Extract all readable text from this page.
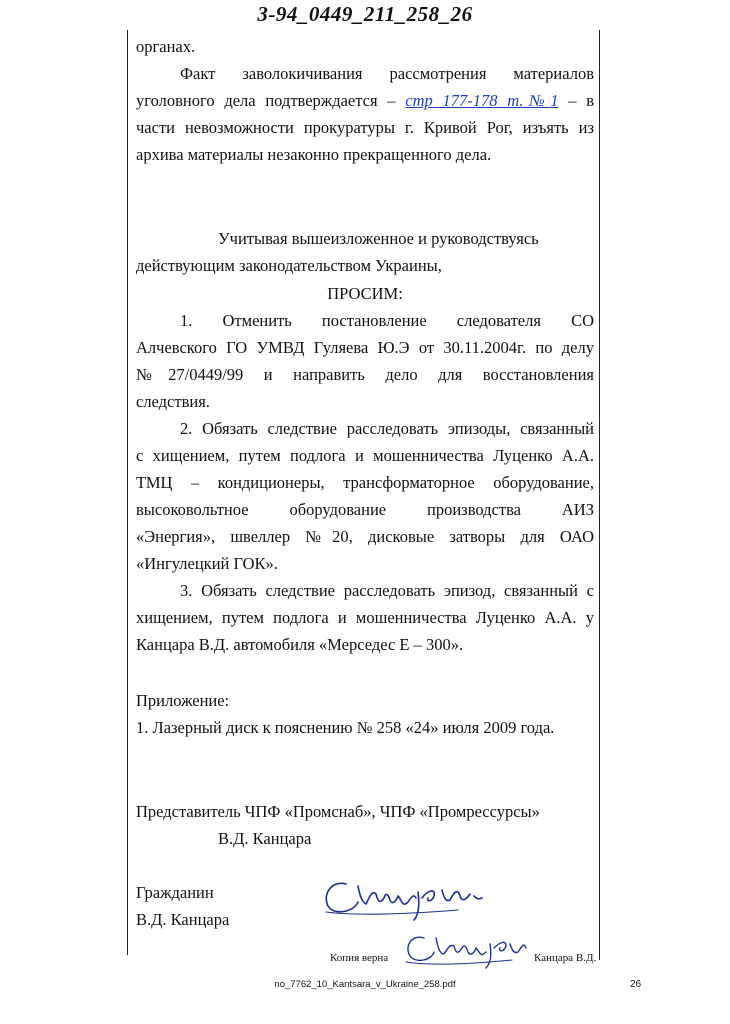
3-94_0449_211_258_26
органах.
Факт заволокичивания рассмотрения материалов
уголовного дела подтверждается – стр 177-178 т.№1 – в
части невозможности прокуратуры г. Кривой Рог, изъять из
архива материалы незаконно прекращенного дела.
Учитывая вышеизложенное и руководствуясь
действующим законодательством Украины,
ПРОСИМ:
1. Отменить постановление следователя СО
Алчевского ГО УМВД Гуляева Ю.Э от 30.11.2004г. по делу
№27/0449/99 и направить дело для восстановления
следствия.
2. Обязать следствие расследовать эпизоды, связанный
с хищением, путем подлога и мошенничества Луценко А.А.
ТМЦ – кондиционеры, трансформаторное оборудование,
высоковольтное оборудование производства АИЗ
«Энергия», швеллер №20, дисковые затворы для ОАО
«Ингулецкий ГОК».
3. Обязать следствие расследовать эпизод, связанный с
хищением, путем подлога и мошенничества Луценко А.А. у
Канцара В.Д. автомобиля «Мерседес Е – 300».
Приложение:
1. Лазерный диск к пояснению № 258 «24» июля 2009 года.
Представитель ЧПФ «Промснаб», ЧПФ «Промрессурсы»
В.Д. Канцара
Гражданин
В.Д. Канцара
Копия верна	Канцара В.Д.
no_7762_10_Kantsara_v_Ukraine_258.pdf	26
